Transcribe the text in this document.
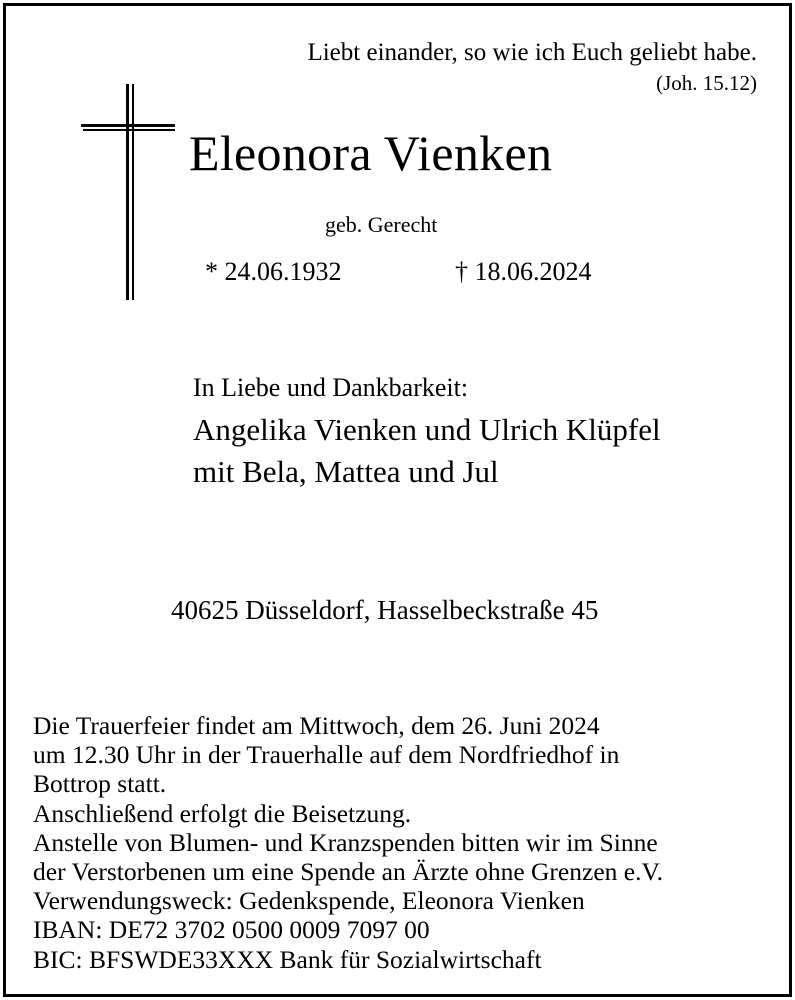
Liebt einander, so wie ich Euch geliebt habe.
(Joh. 15.12)
Eleonora Vienken
geb. Gerecht
* 24.06.1932	† 18.06.2024
In Liebe und Dankbarkeit:
Angelika Vienken und Ulrich Klüpfel
mit Bela, Mattea und Jul
40625 Düsseldorf, Hasselbeckstraße 45
Die Trauerfeier findet am Mittwoch, dem 26. Juni 2024
um 12.30 Uhr in der Trauerhalle auf dem Nordfriedhof in
Bottrop statt.
Anschließend erfolgt die Beisetzung.
Anstelle von Blumen- und Kranzspenden bitten wir im Sinne
der Verstorbenen um eine Spende an Ärzte ohne Grenzen e.V.
Verwendungsweck: Gedenkspende, Eleonora Vienken
IBAN: DE72 3702 0500 0009 7097 00
BIC: BFSWDE33XXX Bank für Sozialwirtschaft
